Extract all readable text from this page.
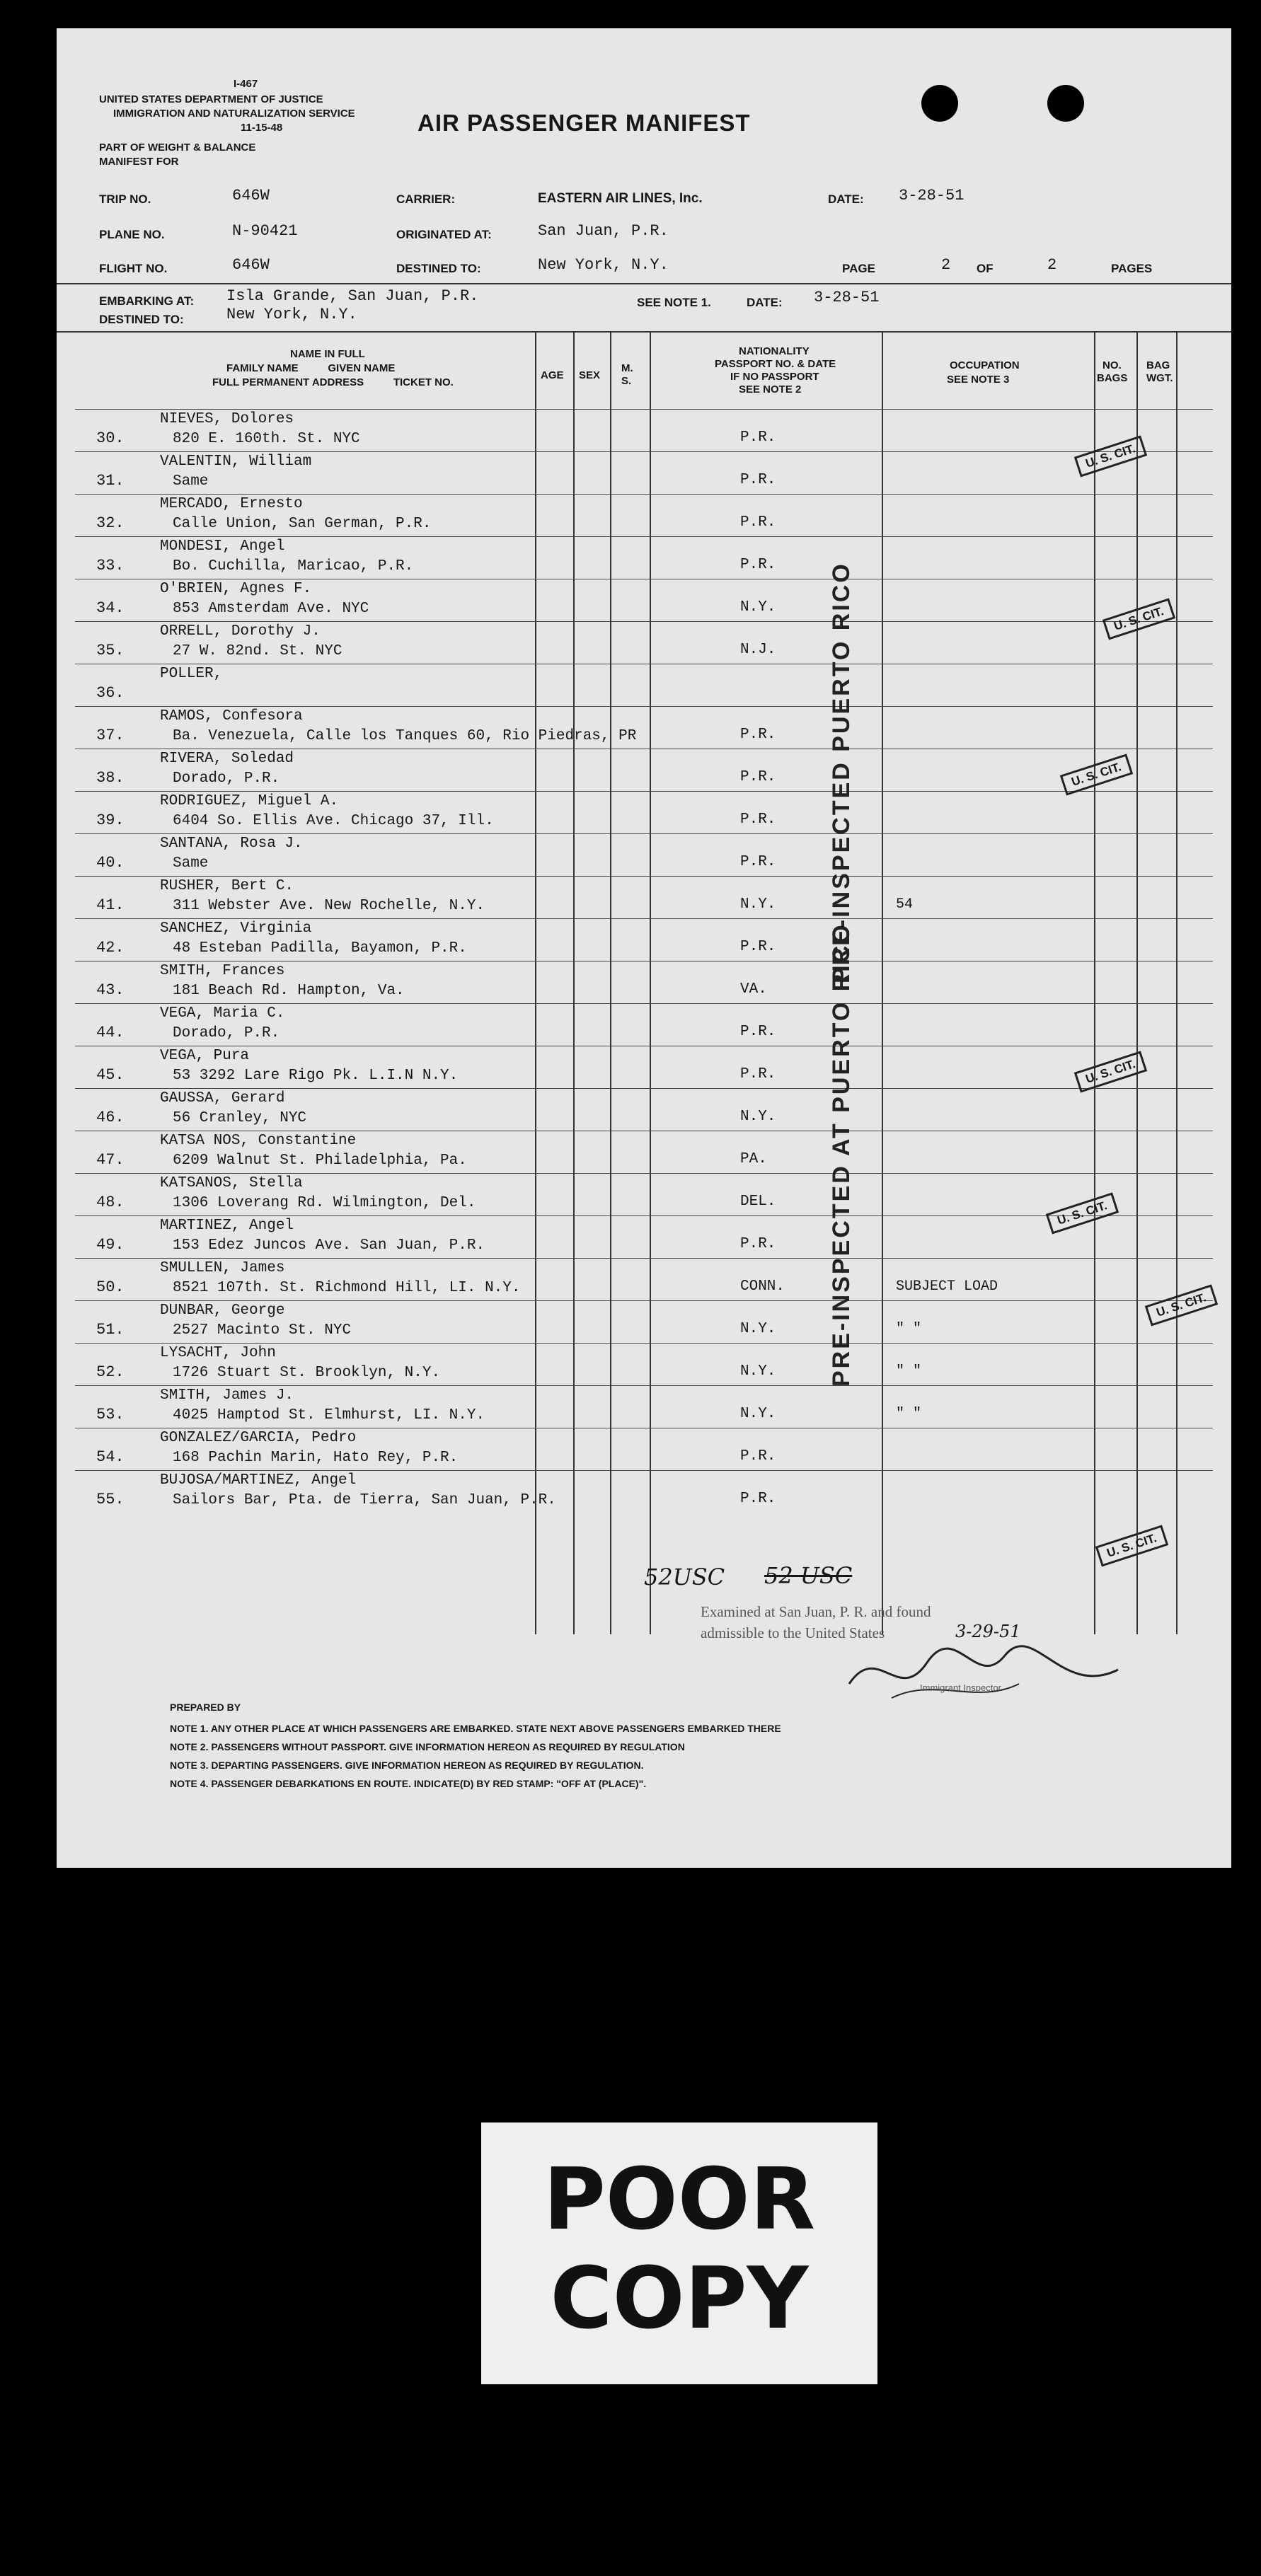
I-467
UNITED STATES DEPARTMENT OF JUSTICE
IMMIGRATION AND NATURALIZATION SERVICE
11-15-48
PART OF WEIGHT & BALANCE
MANIFEST FOR
AIR PASSENGER MANIFEST
TRIP NO.	646W
PLANE NO.	N-90421
FLIGHT NO.	646W
CARRIER:	EASTERN AIR LINES, Inc.
ORIGINATED AT:	San Juan, P.R.
DESTINED TO:	New York, N.Y.
DATE: 3-28-51
PAGE	2 OF	2	PAGES
EMBARKING AT: Isla Grande, San Juan, P.R.
DESTINED TO:	New York, N.Y.
SEE NOTE 1.	DATE: 3-28-51
NAME IN FULL
FAMILY NAME          GIVEN NAME
FULL PERMANENT ADDRESS          TICKET NO.
AGE SEX
M. S.
NATIONALITY
PASSPORT NO. & DATE
IF NO PASSPORT
SEE NOTE 2
OCCUPATION
SEE NOTE 3
NO.
BAGS
BAG
WGT.
30.
NIEVES, Dolores
820 E. 160th. St. NYC	P.R.
31.
VALENTIN, William
Same	P.R.
32.
MERCADO, Ernesto
Calle Union, San German, P.R.	P.R.
33.
MONDESI, Angel
Bo. Cuchilla, Maricao, P.R.	P.R.
34.
O'BRIEN, Agnes F.
853 Amsterdam Ave. NYC	N.Y.
35.
ORRELL, Dorothy J.
27 W. 82nd. St. NYC	N.J.
36.
POLLER,
37.
RAMOS, Confesora
Ba. Venezuela, Calle los Tanques 60, Rio Piedras, PR	P.R.
38.
RIVERA, Soledad
Dorado, P.R.	P.R.
39.
RODRIGUEZ, Miguel A.
6404 So. Ellis Ave. Chicago 37, Ill.	P.R.
40.
SANTANA, Rosa J.
Same	P.R.
41.
RUSHER, Bert C.
311 Webster Ave. New Rochelle, N.Y.	N.Y.	54
42.
SANCHEZ, Virginia
48 Esteban Padilla, Bayamon, P.R.	P.R.
43.
SMITH, Frances
181 Beach Rd. Hampton, Va.	VA.
44.
VEGA, Maria C.
Dorado, P.R.	P.R.
45.
VEGA, Pura
53 3292 Lare Rigo Pk. L.I.N N.Y.	P.R.
46.
GAUSSA, Gerard
56 Cranley, NYC	N.Y.
47.
KATSA NOS, Constantine
6209 Walnut St. Philadelphia, Pa.	PA.
48.
KATSANOS, Stella
1306 Loverang Rd. Wilmington, Del.	DEL.
49.
MARTINEZ, Angel
153 Edez Juncos Ave. San Juan, P.R.	P.R.
50.
SMULLEN, James
8521 107th. St. Richmond Hill, LI. N.Y.	CONN.	SUBJECT LOAD
51.
DUNBAR, George
2527 Macinto St. NYC	N.Y.	" "
52.
LYSACHT, John
1726 Stuart St. Brooklyn, N.Y.	N.Y.	" "
53.
SMITH, James J.
4025 Hamptod St. Elmhurst, LI. N.Y.	N.Y.	" "
54.
GONZALEZ/GARCIA, Pedro
168 Pachin Marin, Hato Rey, P.R.	P.R.
55.
BUJOSA/MARTINEZ, Angel
Sailors Bar, Pta. de Tierra, San Juan, P.R.	P.R.
PRE-INSPECTED PUERTO RICO
PRE-INSPECTED AT PUERTO RICO
U. S. CIT.
U. S. CIT.
U. S. CIT.
U. S. CIT.
U. S. CIT.
U. S. CIT.
U. S. CIT.
52USC 52 USC
Examined at San Juan, P. R. and found
admissible to the United States	3-29-51
Immigrant Inspector
PREPARED BY
NOTE 1. ANY OTHER PLACE AT WHICH PASSENGERS ARE EMBARKED. STATE NEXT ABOVE PASSENGERS EMBARKED THERE
NOTE 2. PASSENGERS WITHOUT PASSPORT. GIVE INFORMATION HEREON AS REQUIRED BY REGULATION
NOTE 3. DEPARTING PASSENGERS. GIVE INFORMATION HEREON AS REQUIRED BY REGULATION.
NOTE 4. PASSENGER DEBARKATIONS EN ROUTE. INDICATE(D) BY RED STAMP: "OFF AT (PLACE)".
POOR
COPY
